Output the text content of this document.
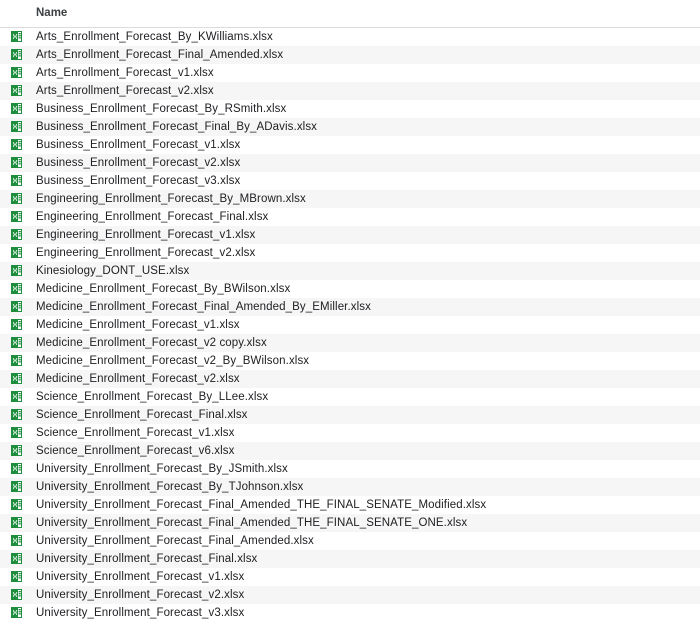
	Name

	Arts_Enrollment_Forecast_By_KWilliams.xlsx

	Arts_Enrollment_Forecast_Final_Amended.xlsx

	Arts_Enrollment_Forecast_v1.xlsx

	Arts_Enrollment_Forecast_v2.xlsx

	Business_Enrollment_Forecast_By_RSmith.xlsx

	Business_Enrollment_Forecast_Final_By_ADavis.xlsx

	Business_Enrollment_Forecast_v1.xlsx

	Business_Enrollment_Forecast_v2.xlsx

	Business_Enrollment_Forecast_v3.xlsx

	Engineering_Enrollment_Forecast_By_MBrown.xlsx

	Engineering_Enrollment_Forecast_Final.xlsx

	Engineering_Enrollment_Forecast_v1.xlsx

	Engineering_Enrollment_Forecast_v2.xlsx

	Kinesiology_DONT_USE.xlsx

	Medicine_Enrollment_Forecast_By_BWilson.xlsx

	Medicine_Enrollment_Forecast_Final_Amended_By_EMiller.xlsx

	Medicine_Enrollment_Forecast_v1.xlsx

	Medicine_Enrollment_Forecast_v2 copy.xlsx

	Medicine_Enrollment_Forecast_v2_By_BWilson.xlsx

	Medicine_Enrollment_Forecast_v2.xlsx

	Science_Enrollment_Forecast_By_LLee.xlsx

	Science_Enrollment_Forecast_Final.xlsx

	Science_Enrollment_Forecast_v1.xlsx

	Science_Enrollment_Forecast_v6.xlsx

	University_Enrollment_Forecast_By_JSmith.xlsx

	University_Enrollment_Forecast_By_TJohnson.xlsx

	University_Enrollment_Forecast_Final_Amended_THE_FINAL_SENATE_Modified.xlsx

	University_Enrollment_Forecast_Final_Amended_THE_FINAL_SENATE_ONE.xlsx

	University_Enrollment_Forecast_Final_Amended.xlsx

	University_Enrollment_Forecast_Final.xlsx

	University_Enrollment_Forecast_v1.xlsx

	University_Enrollment_Forecast_v2.xlsx

	University_Enrollment_Forecast_v3.xlsx
